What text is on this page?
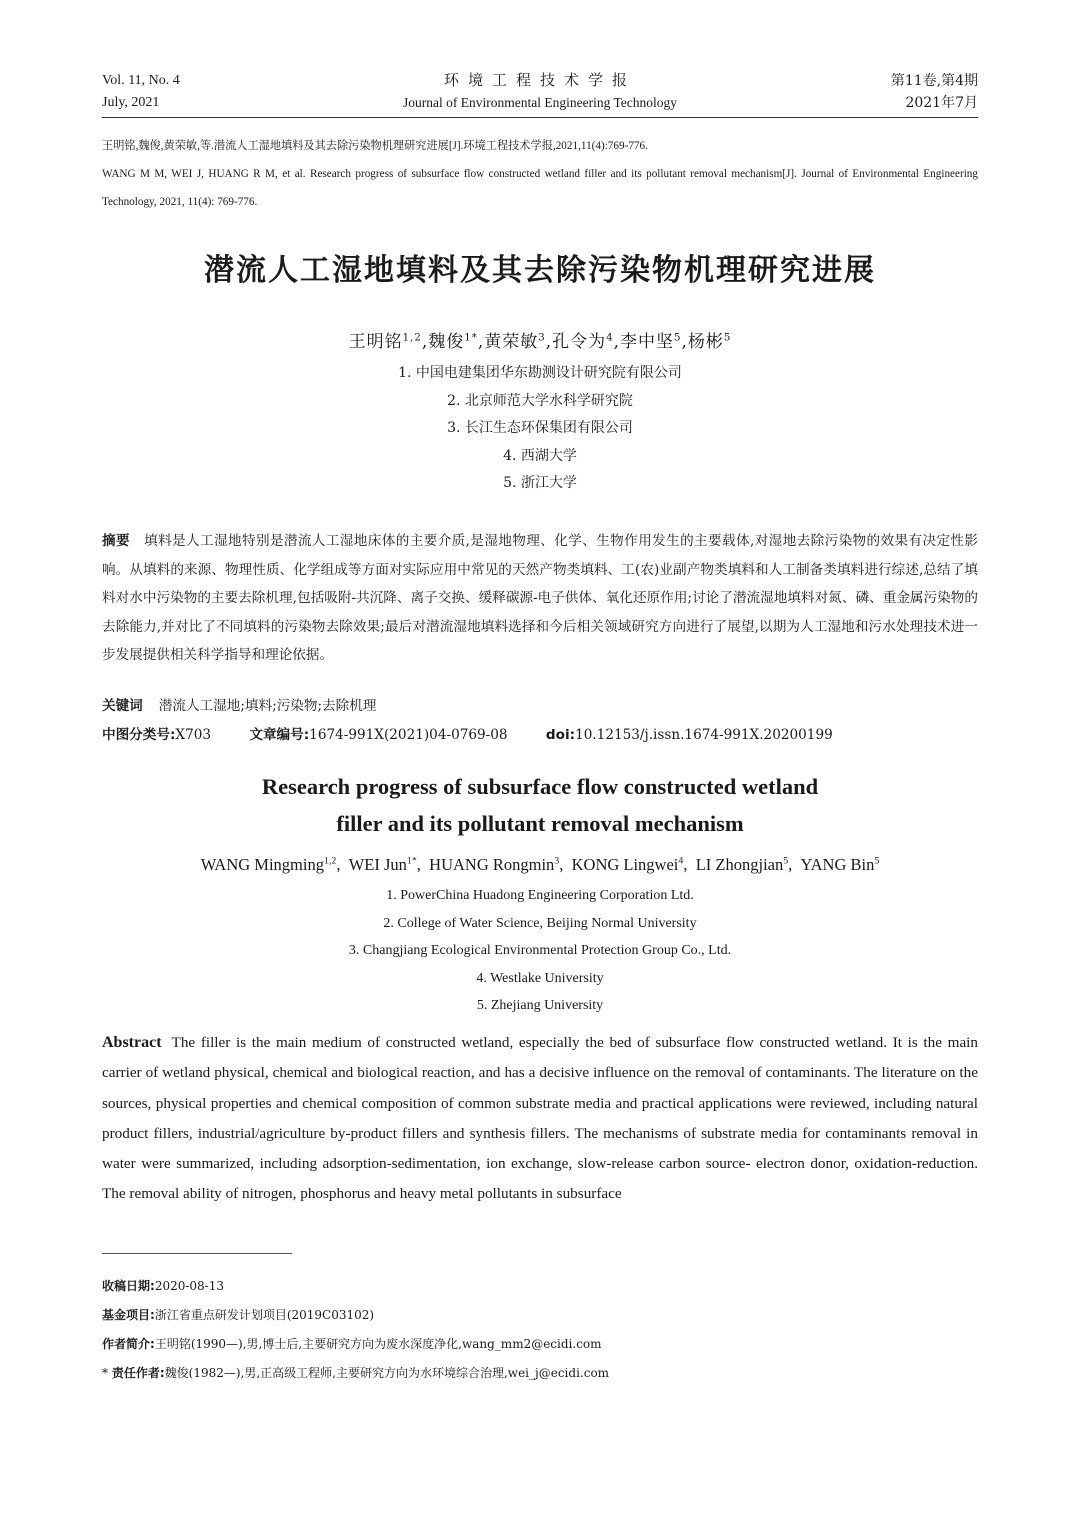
Vol. 11, No. 4
July, 2021
环境工程技术学报
Journal of Environmental Engineering Technology
第11卷,第4期
2021年7月
王明铭,魏俊,黄荣敏,等.潜流人工湿地填料及其去除污染物机理研究进展[J].环境工程技术学报,2021,11(4):769-776.
WANG M M, WEI J, HUANG R M, et al. Research progress of subsurface flow constructed wetland filler and its pollutant removal mechanism[J]. Journal of Environmental Engineering Technology, 2021, 11(4): 769-776.
潜流人工湿地填料及其去除污染物机理研究进展
王明铭$^{1,2}$,魏俊$^{1*}$,黄荣敏$^3$,孔令为$^4$,李中坚$^5$,杨彬$^5$
1. 中国电建集团华东勘测设计研究院有限公司
2. 北京师范大学水科学研究院
3. 长江生态环保集团有限公司
4. 西湖大学
5. 浙江大学
摘要 填料是人工湿地特别是潜流人工湿地床体的主要介质,是湿地物理、化学、生物作用发生的主要载体,对湿地去除污染物的效果有决定性影响。从填料的来源、物理性质、化学组成等方面对实际应用中常见的天然产物类填料、工(农)业副产物类填料和人工制备类填料进行综述,总结了填料对水中污染物的主要去除机理,包括吸附-共沉降、离子交换、缓释碳源-电子供体、氧化还原作用;讨论了潜流湿地填料对氮、磷、重金属污染物的去除能力,并对比了不同填料的污染物去除效果;最后对潜流湿地填料选择和今后相关领域研究方向进行了展望,以期为人工湿地和污水处理技术进一步发展提供相关科学指导和理论依据。
关键词 潜流人工湿地;填料;污染物;去除机理
中图分类号:X703	文章编号:1674-991X(2021)04-0769-08	doi:10.12153/j.issn.1674-991X.20200199
Research progress of subsurface flow constructed wetland
filler and its pollutant removal mechanism
WANG Mingming$^{1,2}$,  WEI Jun$^{1*}$,  HUANG Rongmin$^3$,  KONG Lingwei$^4$,  LI Zhongjian$^5$,  YANG Bin$^5$
1. PowerChina Huadong Engineering Corporation Ltd.
2. College of Water Science, Beijing Normal University
3. Changjiang Ecological Environmental Protection Group Co., Ltd.
4. Westlake University
5. Zhejiang University
Abstract The filler is the main medium of constructed wetland, especially the bed of subsurface flow constructed wetland. It is the main carrier of wetland physical, chemical and biological reaction, and has a decisive influence on the removal of contaminants. The literature on the sources, physical properties and chemical composition of common substrate media and practical applications were reviewed, including natural product fillers, industrial/agriculture by-product fillers and synthesis fillers. The mechanisms of substrate media for contaminants removal in water were summarized, including adsorption-sedimentation, ion exchange, slow-release carbon source- electron donor, oxidation-reduction. The removal ability of nitrogen, phosphorus and heavy metal pollutants in subsurface
收稿日期:2020-08-13
基金项目:浙江省重点研发计划项目(2019C03102)
作者简介:王明铭(1990—),男,博士后,主要研究方向为废水深度净化,wang_mm2@ecidi.com
* 责任作者:魏俊(1982—),男,正高级工程师,主要研究方向为水环境综合治理,wei_j@ecidi.com
